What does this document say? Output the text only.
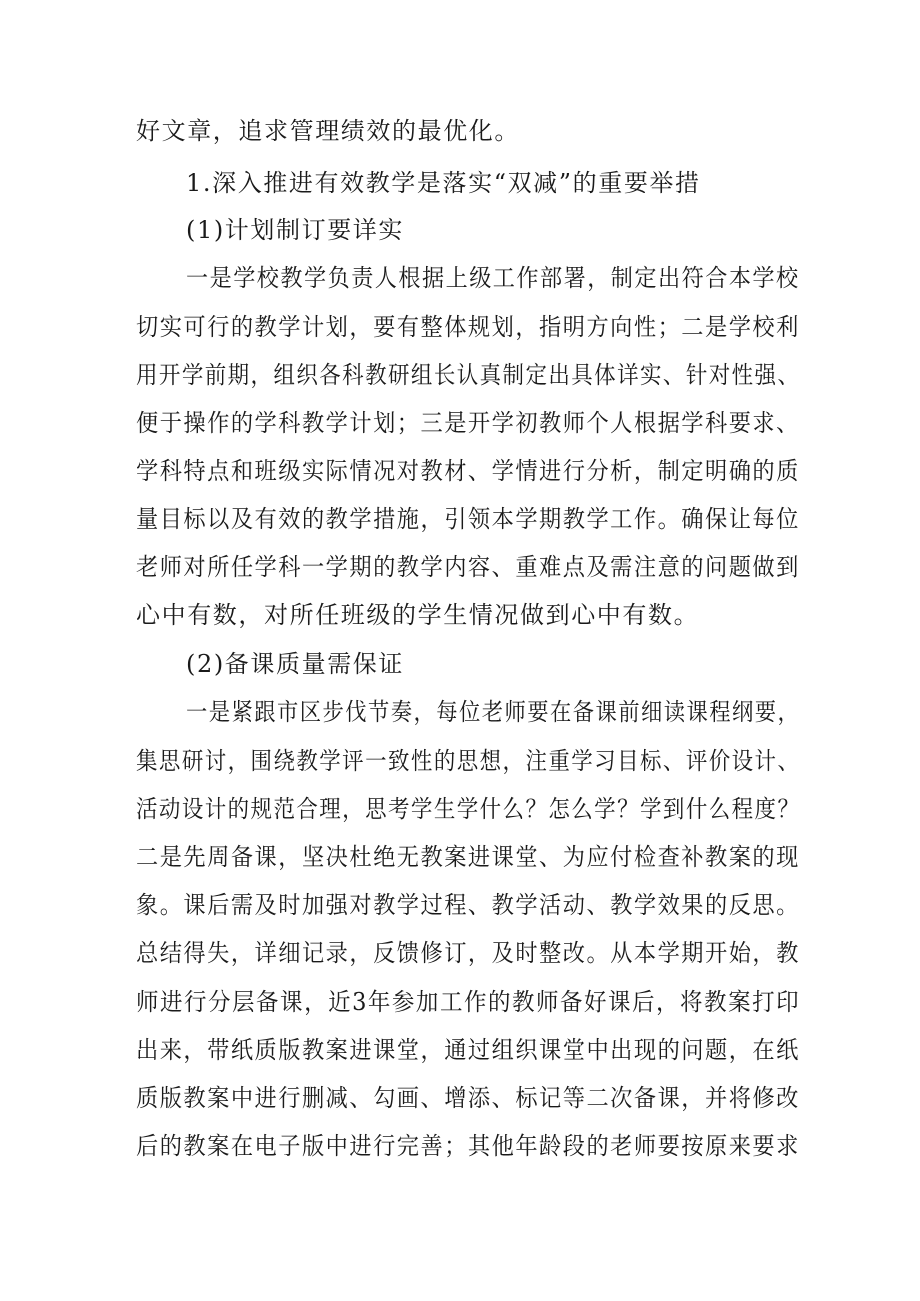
好文章，追求管理绩效的最优化。
1.深入推进有效教学是落实“双减”的重要举措
(1)计划制订要详实
一是学校教学负责人根据上级工作部署，制定出符合本学校
切实可行的教学计划，要有整体规划，指明方向性；二是学校利
用开学前期，组织各科教研组长认真制定出具体详实、针对性强、
便于操作的学科教学计划；三是开学初教师个人根据学科要求、
学科特点和班级实际情况对教材、学情进行分析，制定明确的质
量目标以及有效的教学措施，引领本学期教学工作。确保让每位
老师对所任学科一学期的教学内容、重难点及需注意的问题做到
心中有数，对所任班级的学生情况做到心中有数。
(2)备课质量需保证
一是紧跟市区步伐节奏，每位老师要在备课前细读课程纲要，
集思研讨，围绕教学评一致性的思想，注重学习目标、评价设计、
活动设计的规范合理，思考学生学什么？怎么学？学到什么程度？
二是先周备课，坚决杜绝无教案进课堂、为应付检查补教案的现
象。课后需及时加强对教学过程、教学活动、教学效果的反思。
总结得失，详细记录，反馈修订，及时整改。从本学期开始，教
师进行分层备课，近3年参加工作的教师备好课后，将教案打印
出来，带纸质版教案进课堂，通过组织课堂中出现的问题，在纸
质版教案中进行删减、勾画、增添、标记等二次备课，并将修改
后的教案在电子版中进行完善；其他年龄段的老师要按原来要求
